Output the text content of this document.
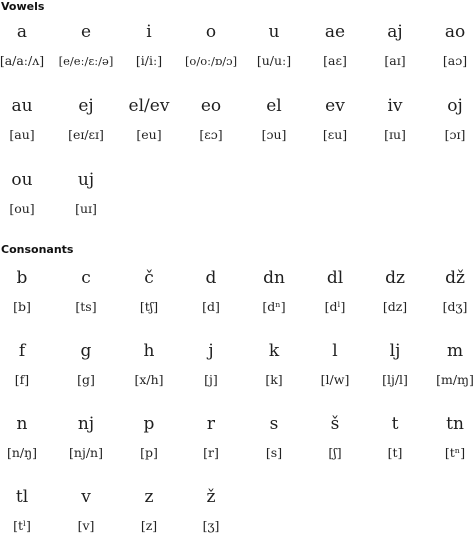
Vowels
a
[a/aː/ʌ]
e
[e/eː/ɛː/ə]
i
[i/iː]
o
[o/oː/ɒ/ɔ]
u
[u/uː]
ae
[aɛ]
aj
[aɪ]
ao
[aɔ]
au
[au]
ej
[eɪ/ɛɪ]
el/ev
[eu]
eo
[ɛɔ]
el
[ɔu]
ev
[ɛu]
iv
[ɪu]
oj
[ɔɪ]
ou
[ou]
uj
[uɪ]
Consonants
b
[b]
c
[ts]
č
[tʃ]
d
[d]
dn
[dⁿ]
dl
[dˡ]
dz
[dz]
dž
[dʒ]
f
[f]
g
[g]
h
[x/h]
j
[j]
k
[k]
l
[l/w]
lj
[lj/l]
m
[m/ɱ]
n
[n/ŋ]
nj
[nj/n]
p
[p]
r
[r]
s
[s]
š
[ʃ]
t
[t]
tn
[tⁿ]
tl
[tˡ]
v
[v]
z
[z]
ž
[ʒ]
